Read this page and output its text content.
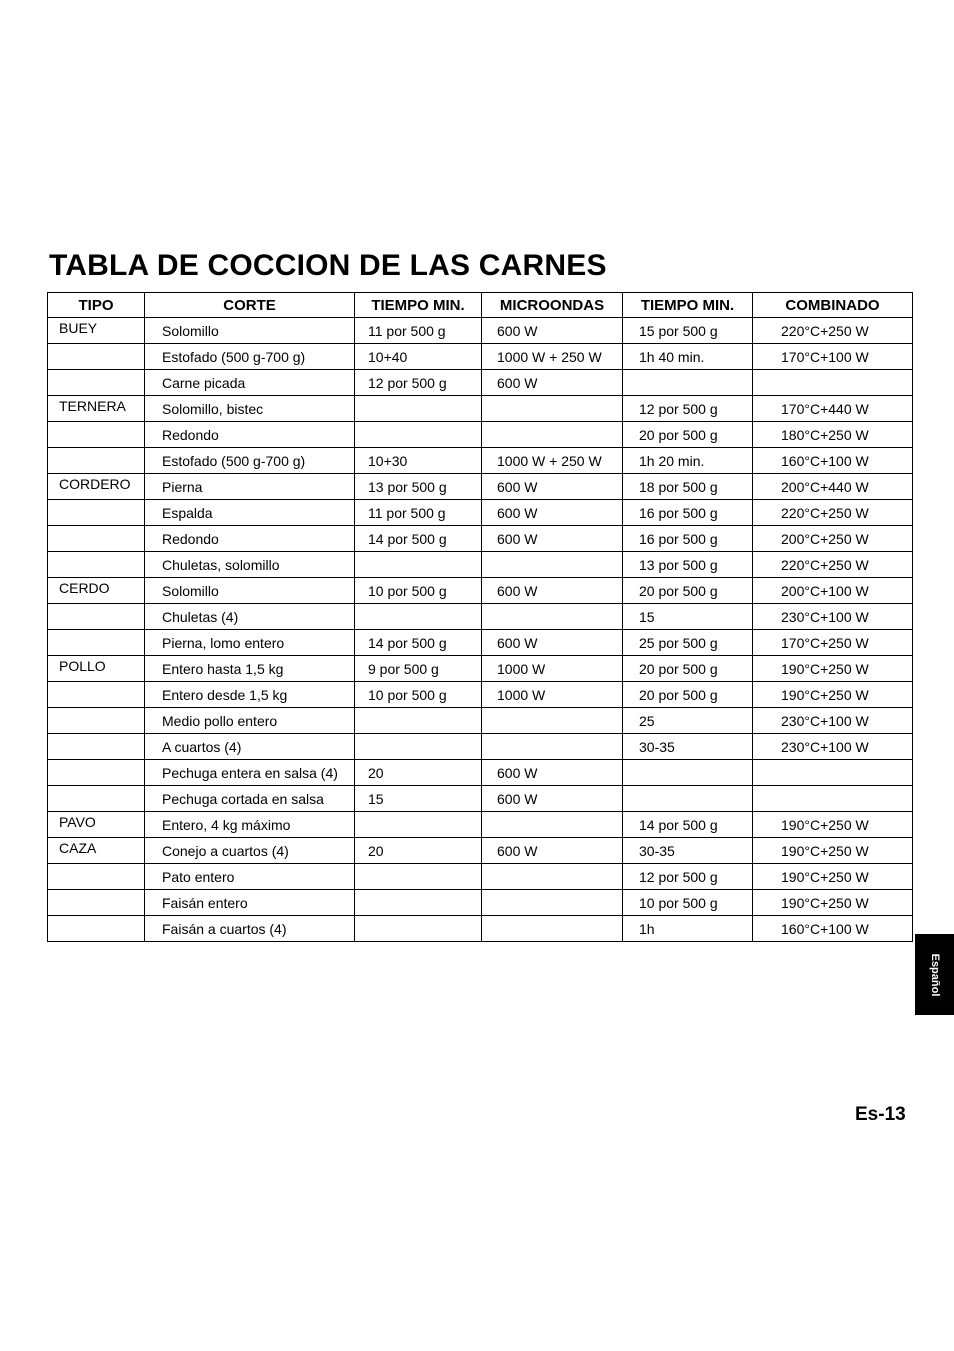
TABLA DE COCCION DE LAS CARNES
TIPO	CORTE	TIEMPO MIN.	MICROONDAS	TIEMPO MIN.	COMBINADO
BUEY	Solomillo	11 por 500 g	600 W	15 por 500 g	220°C+250 W
	Estofado (500 g-700 g)	10+40	1000 W + 250 W	1h 40 min.	170°C+100 W
	Carne picada	12 por 500 g	600 W		
TERNERA	Solomillo, bistec			12 por 500 g	170°C+440 W
	Redondo			20 por 500 g	180°C+250 W
	Estofado (500 g-700 g)	10+30	1000 W + 250 W	1h 20 min.	160°C+100 W
CORDERO	Pierna	13 por 500 g	600 W	18 por 500 g	200°C+440 W
	Espalda	11 por 500 g	600 W	16 por 500 g	220°C+250 W
	Redondo	14 por 500 g	600 W	16 por 500 g	200°C+250 W
	Chuletas, solomillo			13 por 500 g	220°C+250 W
CERDO	Solomillo	10 por 500 g	600 W	20 por 500 g	200°C+100 W
	Chuletas (4)			15	230°C+100 W
	Pierna, lomo entero	14 por 500 g	600 W	25 por 500 g	170°C+250 W
POLLO	Entero hasta 1,5 kg	9 por 500 g	1000 W	20 por 500 g	190°C+250 W
	Entero desde 1,5 kg	10 por 500 g	1000 W	20 por 500 g	190°C+250 W
	Medio pollo entero			25	230°C+100 W
	A cuartos (4)			30-35	230°C+100 W
	Pechuga entera en salsa (4)	20	600 W		
	Pechuga cortada en salsa	15	600 W		
PAVO	Entero, 4 kg máximo			14 por 500 g	190°C+250 W
CAZA	Conejo a cuartos (4)	20	600 W	30-35	190°C+250 W
	Pato entero			12 por 500 g	190°C+250 W
	Faisán entero			10 por 500 g	190°C+250 W
	Faisán a cuartos (4)			1h	160°C+100 W
Español
Es-13
